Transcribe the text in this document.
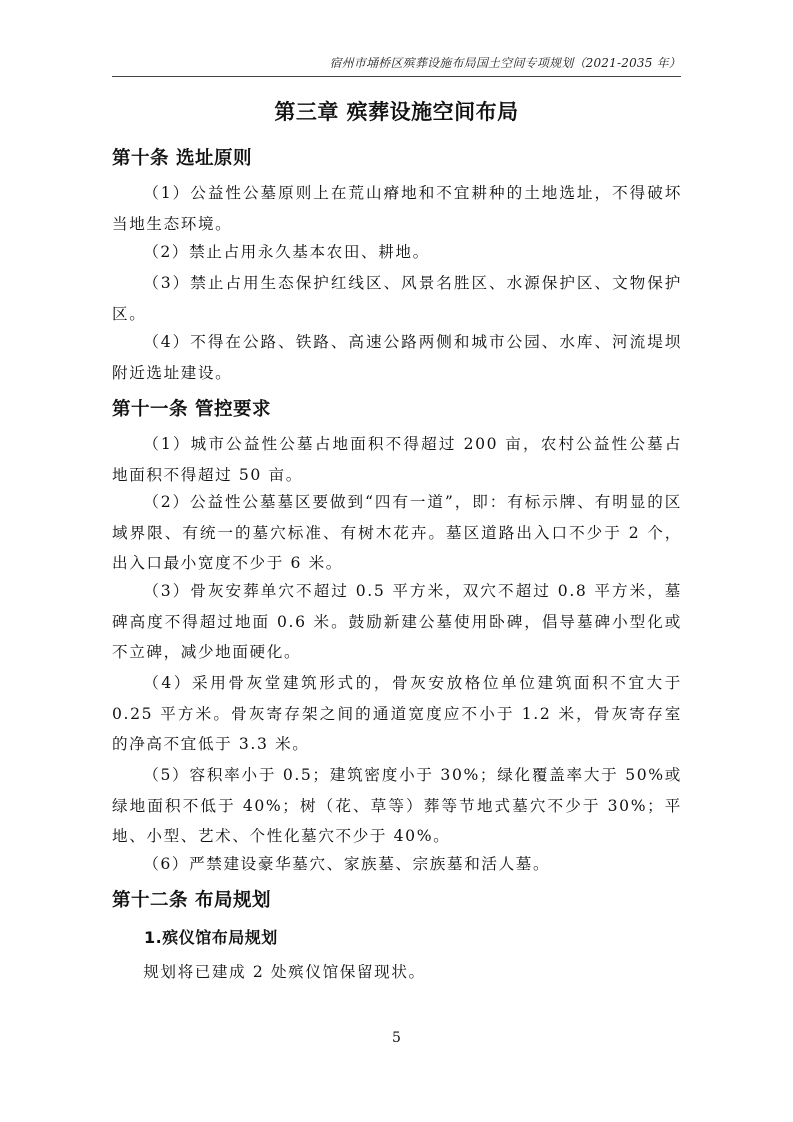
宿州市埇桥区殡葬设施布局国土空间专项规划（2021-2035 年）
第三章 殡葬设施空间布局
第十条 选址原则
（1）公益性公墓原则上在荒山瘠地和不宜耕种的土地选址，不得破坏当地生态环境。
（2）禁止占用永久基本农田、耕地。
（3）禁止占用生态保护红线区、风景名胜区、水源保护区、文物保护区。
（4）不得在公路、铁路、高速公路两侧和城市公园、水库、河流堤坝附近选址建设。
第十一条 管控要求
（1）城市公益性公墓占地面积不得超过 200 亩，农村公益性公墓占地面积不得超过 50 亩。
（2）公益性公墓墓区要做到“四有一道”，即：有标示牌、有明显的区域界限、有统一的墓穴标准、有树木花卉。墓区道路出入口不少于 2 个，出入口最小宽度不少于 6 米。
（3）骨灰安葬单穴不超过 0.5 平方米，双穴不超过 0.8 平方米，墓碑高度不得超过地面 0.6 米。鼓励新建公墓使用卧碑，倡导墓碑小型化或不立碑，减少地面硬化。
（4）采用骨灰堂建筑形式的，骨灰安放格位单位建筑面积不宜大于 0.25 平方米。骨灰寄存架之间的通道宽度应不小于 1.2 米，骨灰寄存室的净高不宜低于 3.3 米。
（5）容积率小于 0.5；建筑密度小于 30%；绿化覆盖率大于 50%或绿地面积不低于 40%；树（花、草等）葬等节地式墓穴不少于 30%；平地、小型、艺术、个性化墓穴不少于 40%。
（6）严禁建设豪华墓穴、家族墓、宗族墓和活人墓。
第十二条 布局规划
1.殡仪馆布局规划
规划将已建成 2 处殡仪馆保留现状。
5
